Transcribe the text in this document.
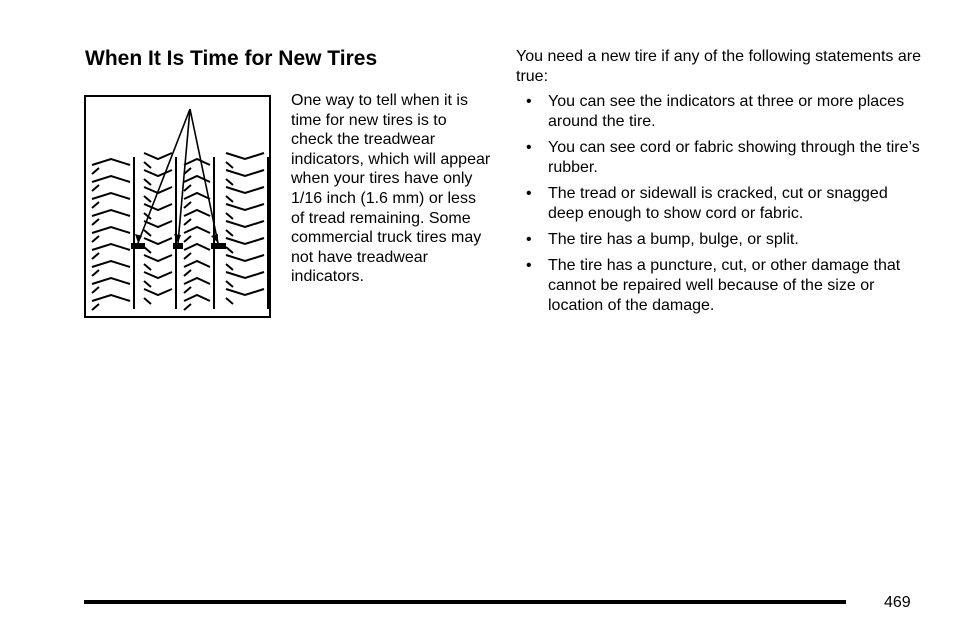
When It Is Time for New Tires

One way to tell when it is time for new tires is to check the treadwear indicators, which will appear when your tires have only 1/16 inch (1.6 mm) or less of tread remaining. Some commercial truck tires may not have treadwear indicators.

You need a new tire if any of the following statements are true:

• You can see the indicators at three or more places around the tire.
• You can see cord or fabric showing through the tire’s rubber.
• The tread or sidewall is cracked, cut or snagged deep enough to show cord or fabric.
• The tire has a bump, bulge, or split.
• The tire has a puncture, cut, or other damage that cannot be repaired well because of the size or location of the damage.
469
